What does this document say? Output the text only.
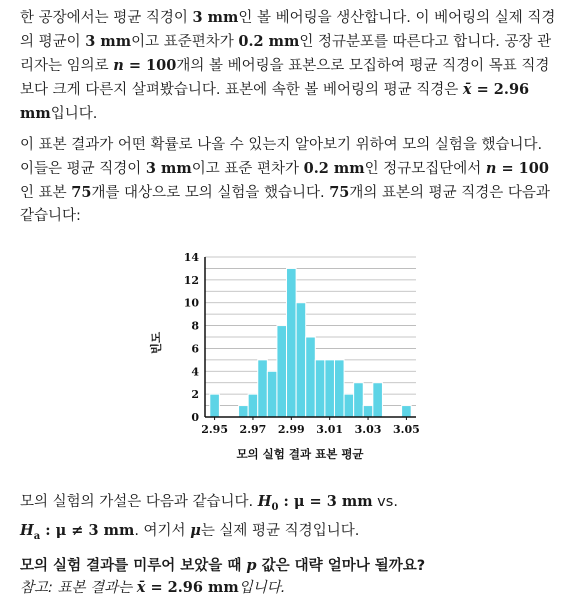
한 공장에서는 평균 직경이 3 mm인 볼 베어링을 생산합니다. 이 베어링의 실제 직경의 평균이 3 mm이고 표준편차가 0.2 mm인 정규분포를 따른다고 합니다. 공장 관리자는 임의로 n = 100개의 볼 베어링을 표본으로 모집하여 평균 직경이 목표 직경보다 크게 다른지 살펴봤습니다. 표본에 속한 볼 베어링의 평균 직경은 x̄ = 2.96 mm입니다.
이 표본 결과가 어떤 확률로 나올 수 있는지 알아보기 위하여 모의 실험을 했습니다. 이들은 평균 직경이 3 mm이고 표준 편차가 0.2 mm인 정규모집단에서 n = 100인 표본 75개를 대상으로 모의 실험을 했습니다. 75개의 표본의 평균 직경은 다음과 같습니다:
0
2
4
6
8
10
12
14
2.95 2.97 2.99 3.01 3.03 3.05
모의 실험 결과 표본 평균
빈도
모의 실험의 가설은 다음과 같습니다. $H_0$ : μ = 3 mm vs.
$H_a$ : μ ≠ 3 mm. 여기서 μ는 실제 평균 직경입니다.
모의 실험 결과를 미루어 보았을 때 p 값은 대략 얼마나 될까요?
참고: 표본 결과는 x̄ = 2.96 mm입니다.
